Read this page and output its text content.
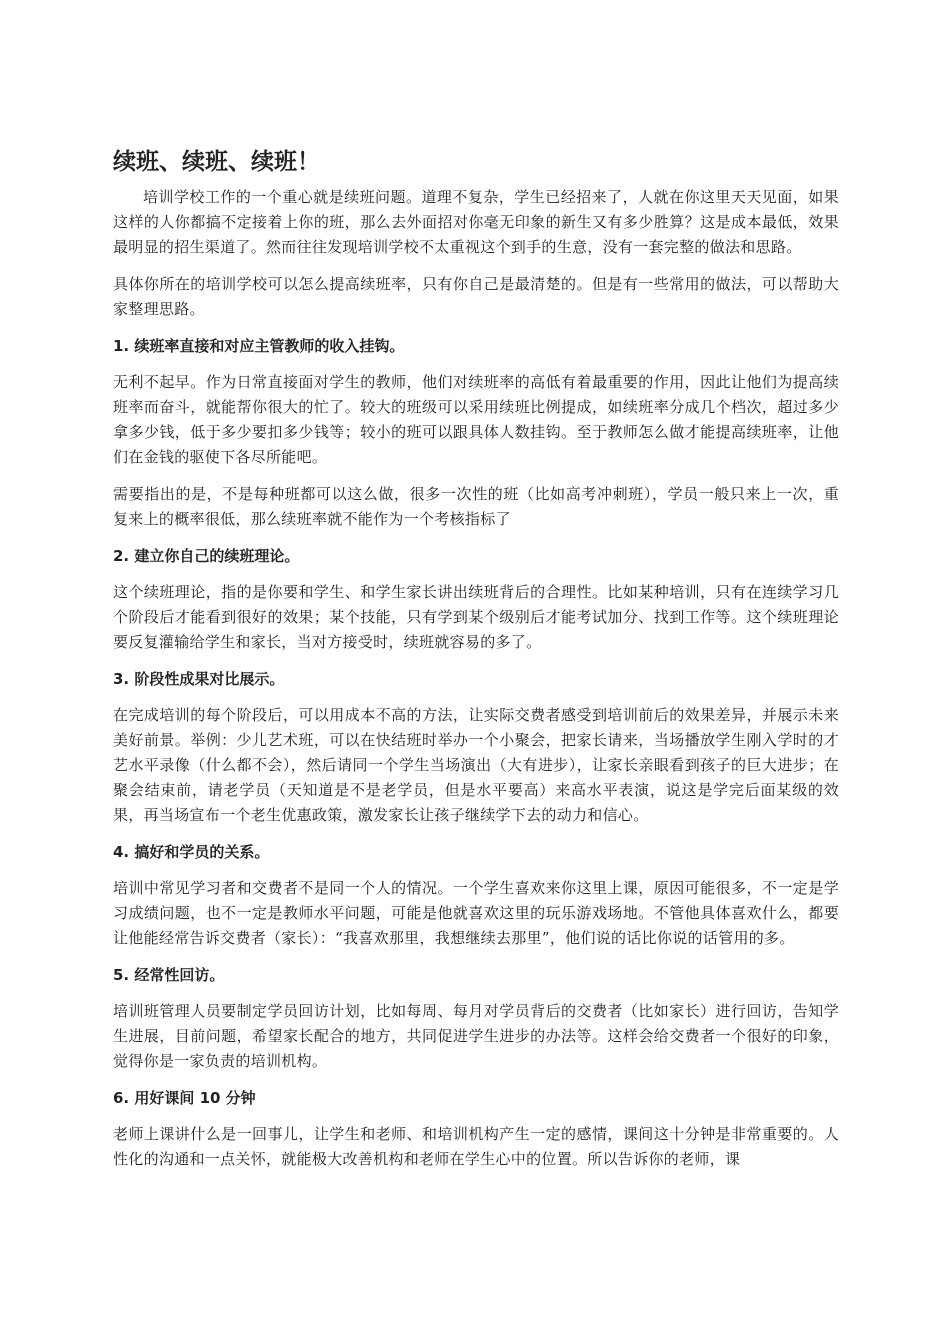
续班、续班、续班！

培训学校工作的一个重心就是续班问题。道理不复杂，学生已经招来了，人就在你这里天天见面，如果这样的人你都搞不定接着上你的班，那么去外面招对你毫无印象的新生又有多少胜算？这是成本最低，效果最明显的招生渠道了。然而往往发现培训学校不太重视这个到手的生意，没有一套完整的做法和思路。

具体你所在的培训学校可以怎么提高续班率，只有你自己是最清楚的。但是有一些常用的做法，可以帮助大家整理思路。

1. 续班率直接和对应主管教师的收入挂钩。

无利不起早。作为日常直接面对学生的教师，他们对续班率的高低有着最重要的作用，因此让他们为提高续班率而奋斗，就能帮你很大的忙了。较大的班级可以采用续班比例提成，如续班率分成几个档次，超过多少拿多少钱，低于多少要扣多少钱等；较小的班可以跟具体人数挂钩。至于教师怎么做才能提高续班率，让他们在金钱的驱使下各尽所能吧。

需要指出的是，不是每种班都可以这么做，很多一次性的班（比如高考冲刺班），学员一般只来上一次，重复来上的概率很低，那么续班率就不能作为一个考核指标了

2. 建立你自己的续班理论。

这个续班理论，指的是你要和学生、和学生家长讲出续班背后的合理性。比如某种培训，只有在连续学习几个阶段后才能看到很好的效果；某个技能，只有学到某个级别后才能考试加分、找到工作等。这个续班理论要反复灌输给学生和家长，当对方接受时，续班就容易的多了。

3. 阶段性成果对比展示。

在完成培训的每个阶段后，可以用成本不高的方法，让实际交费者感受到培训前后的效果差异，并展示未来美好前景。举例：少儿艺术班，可以在快结班时举办一个小聚会，把家长请来，当场播放学生刚入学时的才艺水平录像（什么都不会），然后请同一个学生当场演出（大有进步），让家长亲眼看到孩子的巨大进步；在聚会结束前，请老学员（天知道是不是老学员，但是水平要高）来高水平表演，说这是学完后面某级的效果，再当场宣布一个老生优惠政策，激发家长让孩子继续学下去的动力和信心。

4. 搞好和学员的关系。

培训中常见学习者和交费者不是同一个人的情况。一个学生喜欢来你这里上课，原因可能很多，不一定是学习成绩问题，也不一定是教师水平问题，可能是他就喜欢这里的玩乐游戏场地。不管他具体喜欢什么，都要让他能经常告诉交费者（家长）：“我喜欢那里，我想继续去那里”，他们说的话比你说的话管用的多。

5. 经常性回访。

培训班管理人员要制定学员回访计划，比如每周、每月对学员背后的交费者（比如家长）进行回访，告知学生进展，目前问题，希望家长配合的地方，共同促进学生进步的办法等。这样会给交费者一个很好的印象，觉得你是一家负责的培训机构。

6. 用好课间 10 分钟

老师上课讲什么是一回事儿，让学生和老师、和培训机构产生一定的感情，课间这十分钟是非常重要的。人性化的沟通和一点关怀，就能极大改善机构和老师在学生心中的位置。所以告诉你的老师，课
